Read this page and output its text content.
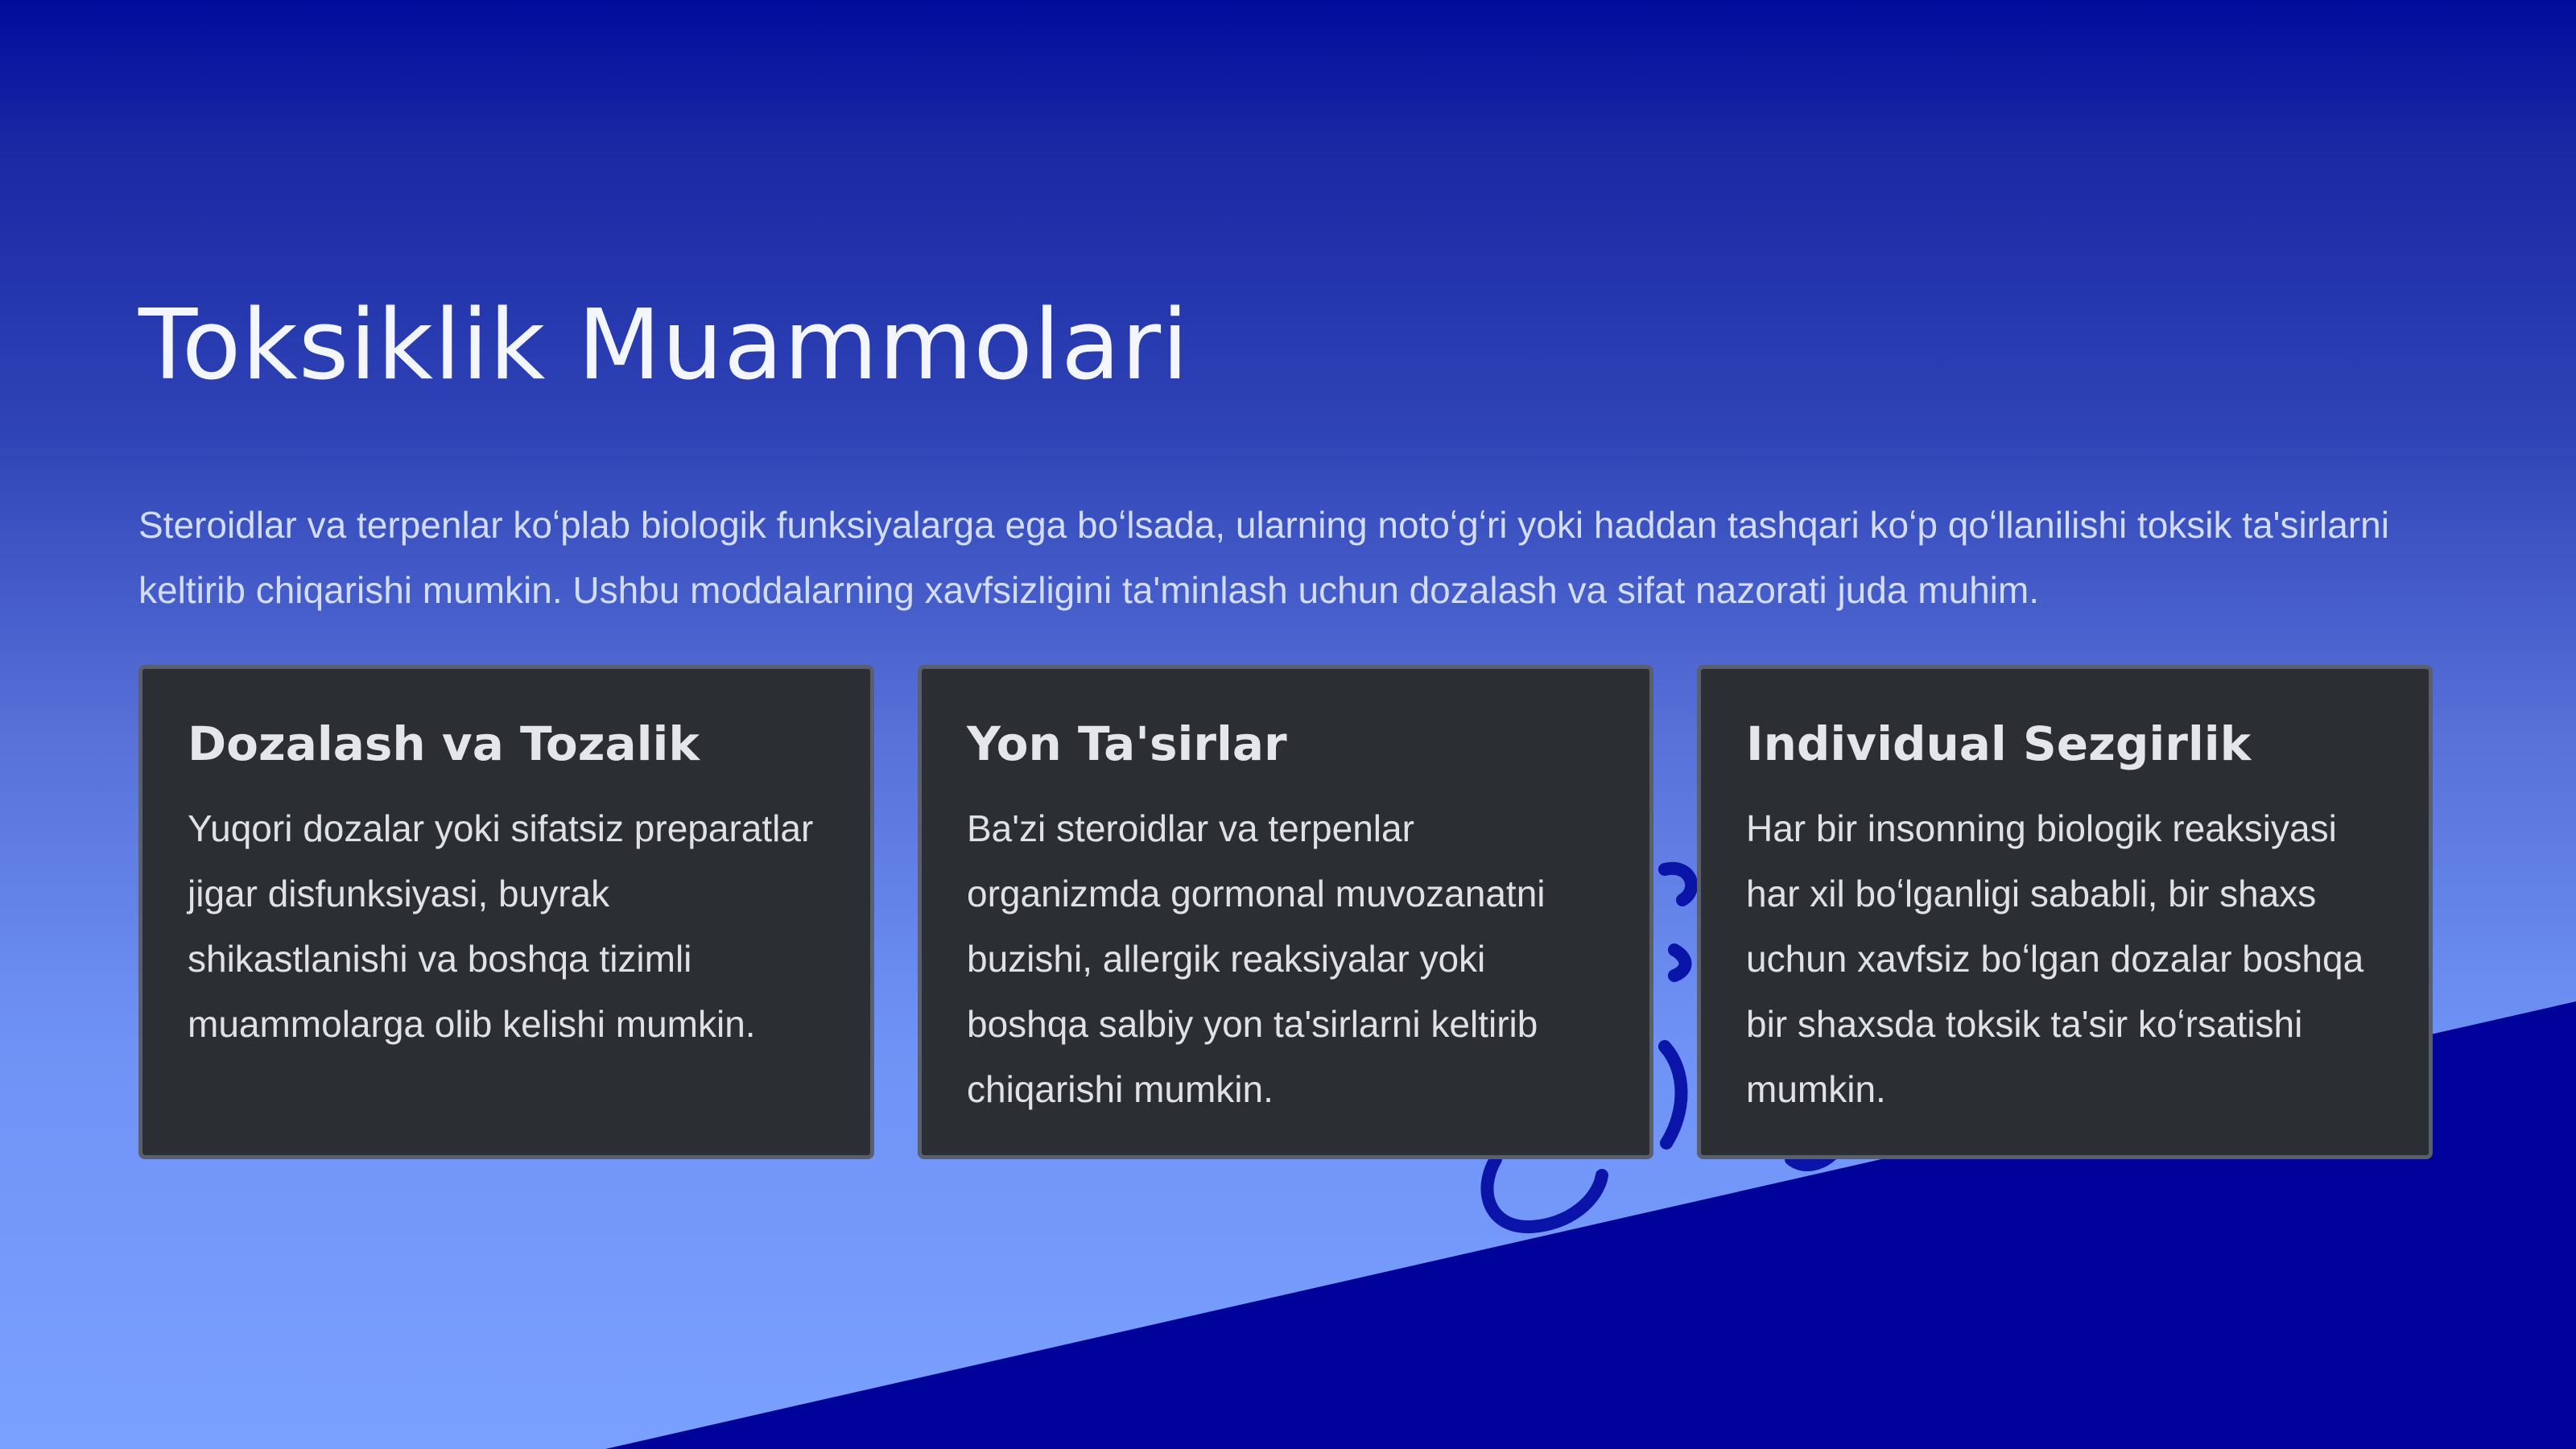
Toksiklik Muammolari

Steroidlar va terpenlar koʻplab biologik funksiyalarga ega boʻlsada, ularning notoʻgʻri yoki haddan tashqari koʻp qoʻllanilishi toksik ta'sirlarni keltirib chiqarishi mumkin. Ushbu moddalarning xavfsizligini ta'minlash uchun dozalash va sifat nazorati juda muhim.

Dozalash va Tozalik

Yuqori dozalar yoki sifatsiz preparatlar jigar disfunksiyasi, buyrak shikastlanishi va boshqa tizimli muammolarga olib kelishi mumkin.

Yon Ta'sirlar

Ba'zi steroidlar va terpenlar organizmda gormonal muvozanatni buzishi, allergik reaksiyalar yoki boshqa salbiy yon ta'sirlarni keltirib chiqarishi mumkin.

Individual Sezgirlik

Har bir insonning biologik reaksiyasi har xil boʻlganligi sababli, bir shaxs uchun xavfsiz boʻlgan dozalar boshqa bir shaxsda toksik ta'sir koʻrsatishi mumkin.
